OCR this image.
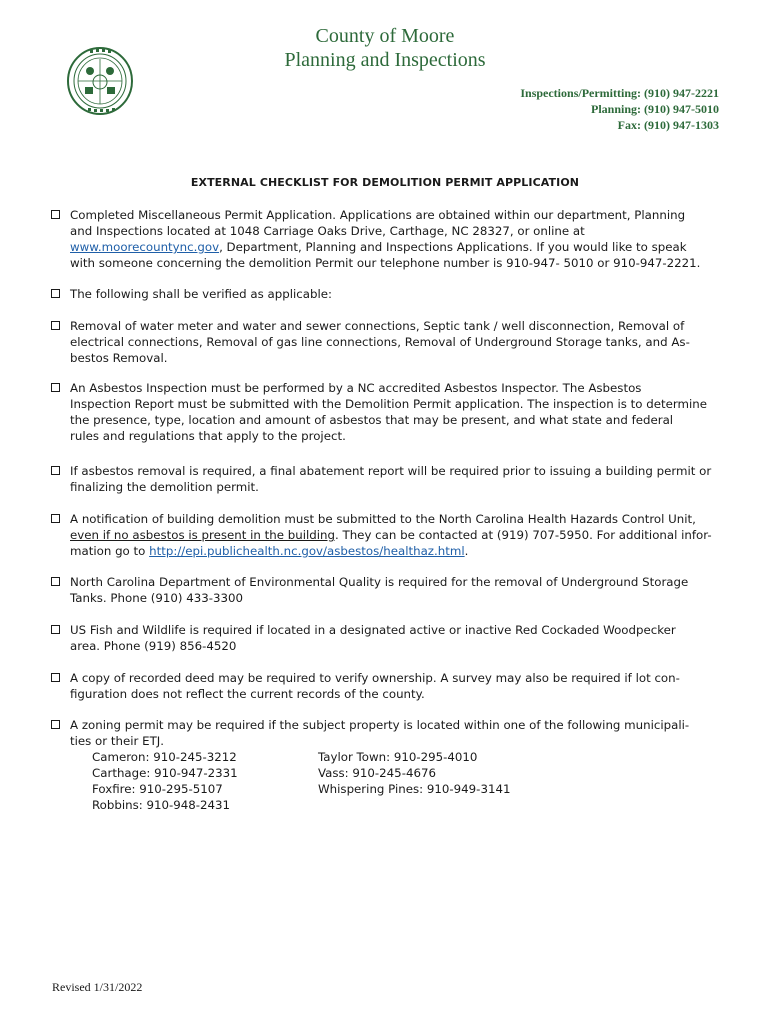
County of Moore
Planning and Inspections
Inspections/Permitting: (910) 947-2221
Planning: (910) 947-5010
Fax: (910) 947-1303
EXTERNAL CHECKLIST FOR DEMOLITION PERMIT APPLICATION
Completed Miscellaneous Permit Application. Applications are obtained within our department, Planning
and Inspections located at 1048 Carriage Oaks Drive, Carthage, NC 28327, or online at
www.moorecountync.gov, Department, Planning and Inspections Applications. If you would like to speak
with someone concerning the demolition Permit our telephone number is 910-947- 5010 or 910-947-2221.
The following shall be verified as applicable:
Removal of water meter and water and sewer connections, Septic tank / well disconnection, Removal of
electrical connections, Removal of gas line connections, Removal of Underground Storage tanks, and As-
bestos Removal.
An Asbestos Inspection must be performed by a NC accredited Asbestos Inspector. The Asbestos
Inspection Report must be submitted with the Demolition Permit application. The inspection is to determine
the presence, type, location and amount of asbestos that may be present, and what state and federal
rules and regulations that apply to the project.
If asbestos removal is required, a final abatement report will be required prior to issuing a building permit or
finalizing the demolition permit.
A notification of building demolition must be submitted to the North Carolina Health Hazards Control Unit,
even if no asbestos is present in the building. They can be contacted at (919) 707-5950. For additional infor-
mation go to http://epi.publichealth.nc.gov/asbestos/healthaz.html.
North Carolina Department of Environmental Quality is required for the removal of Underground Storage
Tanks. Phone (910) 433-3300
US Fish and Wildlife is required if located in a designated active or inactive Red Cockaded Woodpecker
area. Phone (919) 856-4520
A copy of recorded deed may be required to verify ownership. A survey may also be required if lot con-
figuration does not reflect the current records of the county.
A zoning permit may be required if the subject property is located within one of the following municipali-
ties or their ETJ.
Cameron: 910-245-3212
Carthage: 910-947-2331
Foxfire: 910-295-5107
Robbins: 910-948-2431
Taylor Town: 910-295-4010
Vass: 910-245-4676
Whispering Pines: 910-949-3141
Revised 1/31/2022
